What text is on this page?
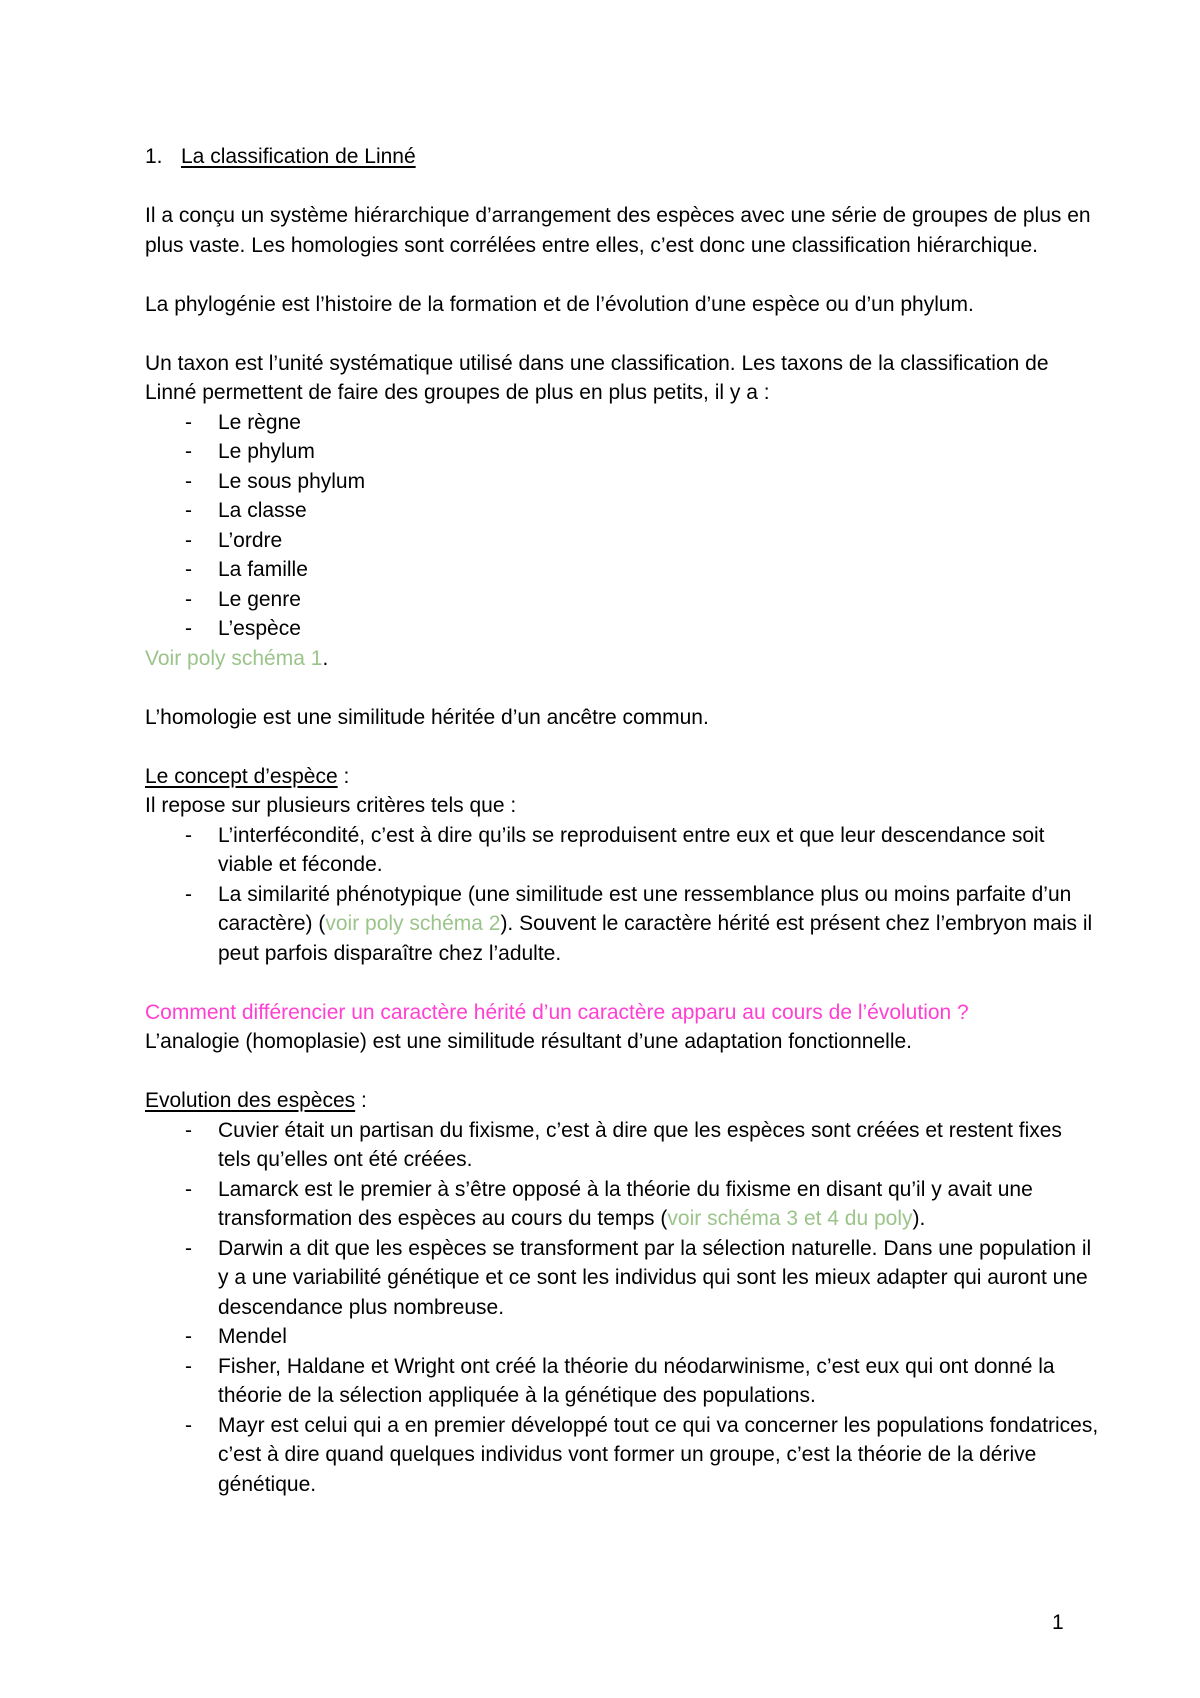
1. La classification de Linné

Il a conçu un système hiérarchique d’arrangement des espèces avec une série de groupes de plus en plus vaste. Les homologies sont corrélées entre elles, c’est donc une classification hiérarchique.

La phylogénie est l’histoire de la formation et de l’évolution d’une espèce ou d’un phylum.

Un taxon est l’unité systématique utilisé dans une classification. Les taxons de la classification de Linné permettent de faire des groupes de plus en plus petits, il y a :

- Le règne
- Le phylum
- Le sous phylum
- La classe
- L’ordre
- La famille
- Le genre
- L’espèce

Voir poly schéma 1.

L’homologie est une similitude héritée d’un ancêtre commun.

Le concept d’espèce :

Il repose sur plusieurs critères tels que :

- L’interfécondité, c’est à dire qu’ils se reproduisent entre eux et que leur descendance soit viable et féconde.
- La similarité phénotypique (une similitude est une ressemblance plus ou moins parfaite d’un caractère) (voir poly schéma 2). Souvent le caractère hérité est présent chez l’embryon mais il peut parfois disparaître chez l’adulte.

Comment différencier un caractère hérité d’un caractère apparu au cours de l’évolution ?

L’analogie (homoplasie) est une similitude résultant d’une adaptation fonctionnelle.

Evolution des espèces :

- Cuvier était un partisan du fixisme, c’est à dire que les espèces sont créées et restent fixes tels qu’elles ont été créées.
- Lamarck est le premier à s’être opposé à la théorie du fixisme en disant qu’il y avait une transformation des espèces au cours du temps (voir schéma 3 et 4 du poly).
- Darwin a dit que les espèces se transforment par la sélection naturelle. Dans une population il y a une variabilité génétique et ce sont les individus qui sont les mieux adapter qui auront une descendance plus nombreuse.
- Mendel
- Fisher, Haldane et Wright ont créé la théorie du néodarwinisme, c’est eux qui ont donné la théorie de la sélection appliquée à la génétique des populations.
- Mayr est celui qui a en premier développé tout ce qui va concerner les populations fondatrices, c’est à dire quand quelques individus vont former un groupe, c’est la théorie de la dérive génétique.
1
